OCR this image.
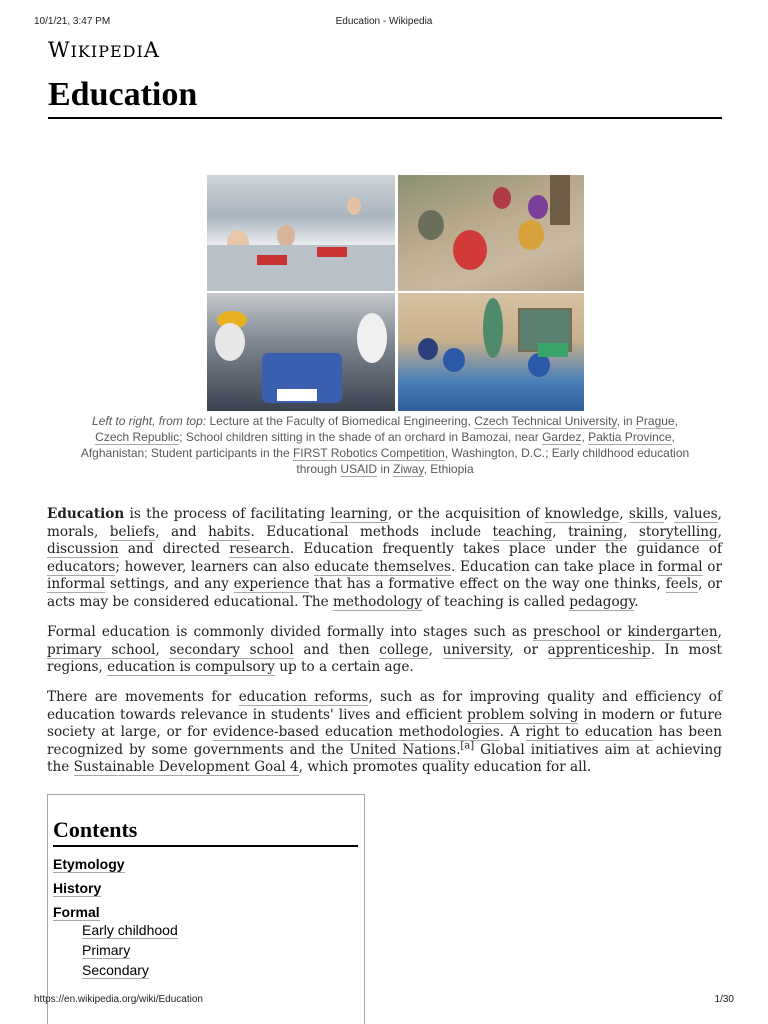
10/1/21, 3:47 PM	Education - Wikipedia
WIKIPEDIA
Education
Left to right, from top: Lecture at the Faculty of Biomedical Engineering, Czech Technical University, in Prague, Czech Republic; School children sitting in the shade of an orchard in Bamozai, near Gardez, Paktia Province, Afghanistan; Student participants in the FIRST Robotics Competition, Washington, D.C.; Early childhood education through USAID in Ziway, Ethiopia

Education is the process of facilitating learning, or the acquisition of knowledge, skills, values, morals, beliefs, and habits. Educational methods include teaching, training, storytelling, discussion and directed research. Education frequently takes place under the guidance of educators; however, learners can also educate themselves. Education can take place in formal or informal settings, and any experience that has a formative effect on the way one thinks, feels, or acts may be considered educational. The methodology of teaching is called pedagogy.

Formal education is commonly divided formally into stages such as preschool or kindergarten, primary school, secondary school and then college, university, or apprenticeship. In most regions, education is compulsory up to a certain age.

There are movements for education reforms, such as for improving quality and efficiency of education towards relevance in students' lives and efficient problem solving in modern or future society at large, or for evidence-based education methodologies. A right to education has been recognized by some governments and the United Nations.[a] Global initiatives aim at achieving the Sustainable Development Goal 4, which promotes quality education for all.

Contents
Etymology
History
Formal
Early childhood
Primary
Secondary
https://en.wikipedia.org/wiki/Education	1/30
